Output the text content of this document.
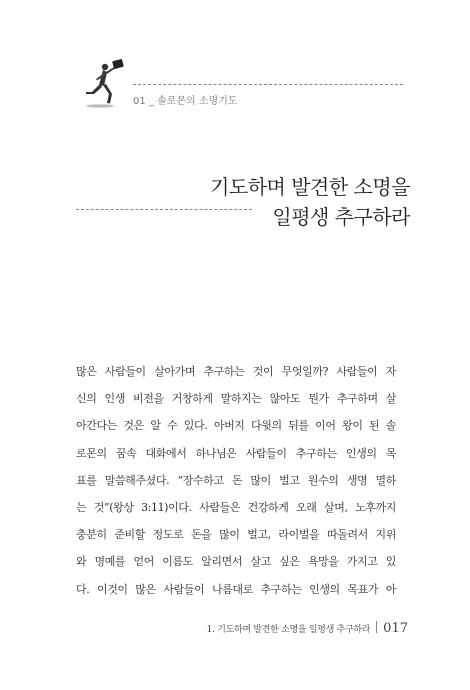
01 _ 솔로몬의 소명기도
기도하며 발견한 소명을
일평생 추구하라
많은 사람들이 살아가며 추구하는 것이 무엇일까? 사람들이 자
신의 인생 비전을 거창하게 말하지는 않아도 뭔가 추구하며 살
아간다는 것은 알 수 있다. 아버지 다윗의 뒤를 이어 왕이 된 솔
로몬의 꿈속 대화에서 하나님은 사람들이 추구하는 인생의 목
표를 말씀해주셨다. “장수하고 돈 많이 벌고 원수의 생명 멸하
는 것”(왕상 3:11)이다. 사람들은 건강하게 오래 살며, 노후까지
충분히 준비할 정도로 돈을 많이 벌고, 라이벌을 따돌려서 지위
와 명예를 얻어 이름도 알리면서 살고 싶은 욕망을 가지고 있
다. 이것이 많은 사람들이 나름대로 추구하는 인생의 목표가 아
1. 기도하며 발견한 소명을 일평생 추구하라 017
